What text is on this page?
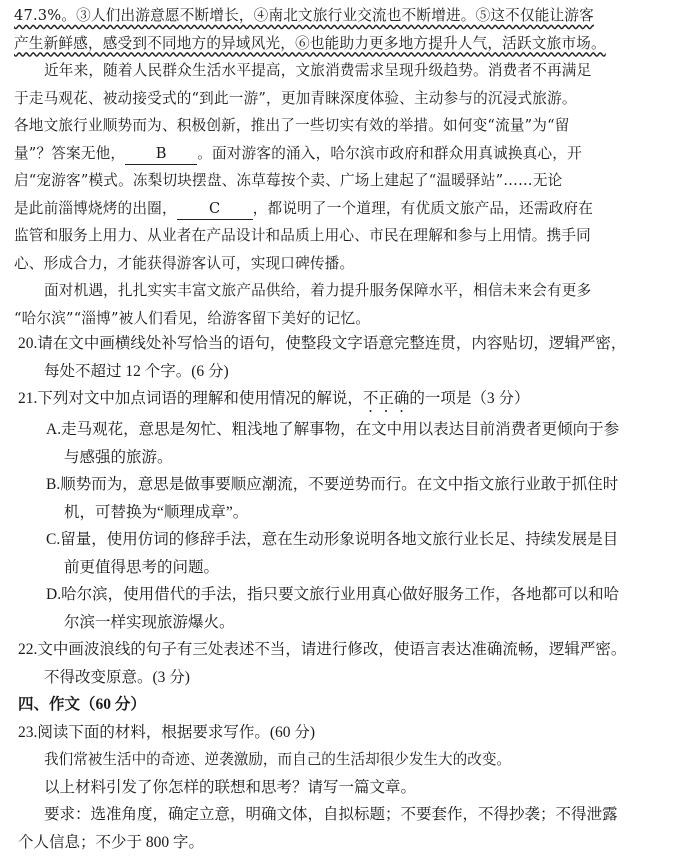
47.3%。③人们出游意愿不断增长，④南北文旅行业交流也不断增进。⑤这不仅能让游客
产生新鲜感，感受到不同地方的异域风光，⑥也能助力更多地方提升人气，活跃文旅市场。
近年来，随着人民群众生活水平提高，文旅消费需求呈现升级趋势。消费者不再满足
于走马观花、被动接受式的“到此一游”，更加青睐深度体验、主动参与的沉浸式旅游。
各地文旅行业顺势而为、积极创新，推出了一些切实有效的举措。如何变“流量”为“留
量”？答案无他， B 。面对游客的涌入，哈尔滨市政府和群众用真诚换真心，开
启“宠游客”模式。冻梨切块摆盘、冻草莓按个卖、广场上建起了“温暖驿站”……无论
是此前淄博烧烤的出圈， C ，都说明了一个道理，有优质文旅产品，还需政府在
监管和服务上用力、从业者在产品设计和品质上用心、市民在理解和参与上用情。携手同
心、形成合力，才能获得游客认可，实现口碑传播。
面对机遇，扎扎实实丰富文旅产品供给，着力提升服务保障水平，相信未来会有更多
“哈尔滨”“淄博”被人们看见，给游客留下美好的记忆。
20.请在文中画横线处补写恰当的语句，使整段文字语意完整连贯，内容贴切，逻辑严密，
每处不超过 12 个字。(6 分)
21.下列对文中加点词语的理解和使用情况的解说，不正确的一项是（3 分）
A.走马观花，意思是匆忙、粗浅地了解事物，在文中用以表达目前消费者更倾向于参
与感强的旅游。
B.顺势而为，意思是做事要顺应潮流，不要逆势而行。在文中指文旅行业敢于抓住时
机，可替换为“顺理成章”。
C.留量，使用仿词的修辞手法，意在生动形象说明各地文旅行业长足、持续发展是目
前更值得思考的问题。
D.哈尔滨，使用借代的手法，指只要文旅行业用真心做好服务工作，各地都可以和哈
尔滨一样实现旅游爆火。
22.文中画波浪线的句子有三处表述不当，请进行修改，使语言表达准确流畅，逻辑严密。
不得改变原意。(3 分)
四、作文（60 分）
23.阅读下面的材料，根据要求写作。(60 分)
我们常被生活中的奇迹、逆袭激励，而自己的生活却很少发生大的改变。
以上材料引发了你怎样的联想和思考？请写一篇文章。
要求：选准角度，确定立意，明确文体，自拟标题；不要套作，不得抄袭；不得泄露
个人信息；不少于 800 字。
